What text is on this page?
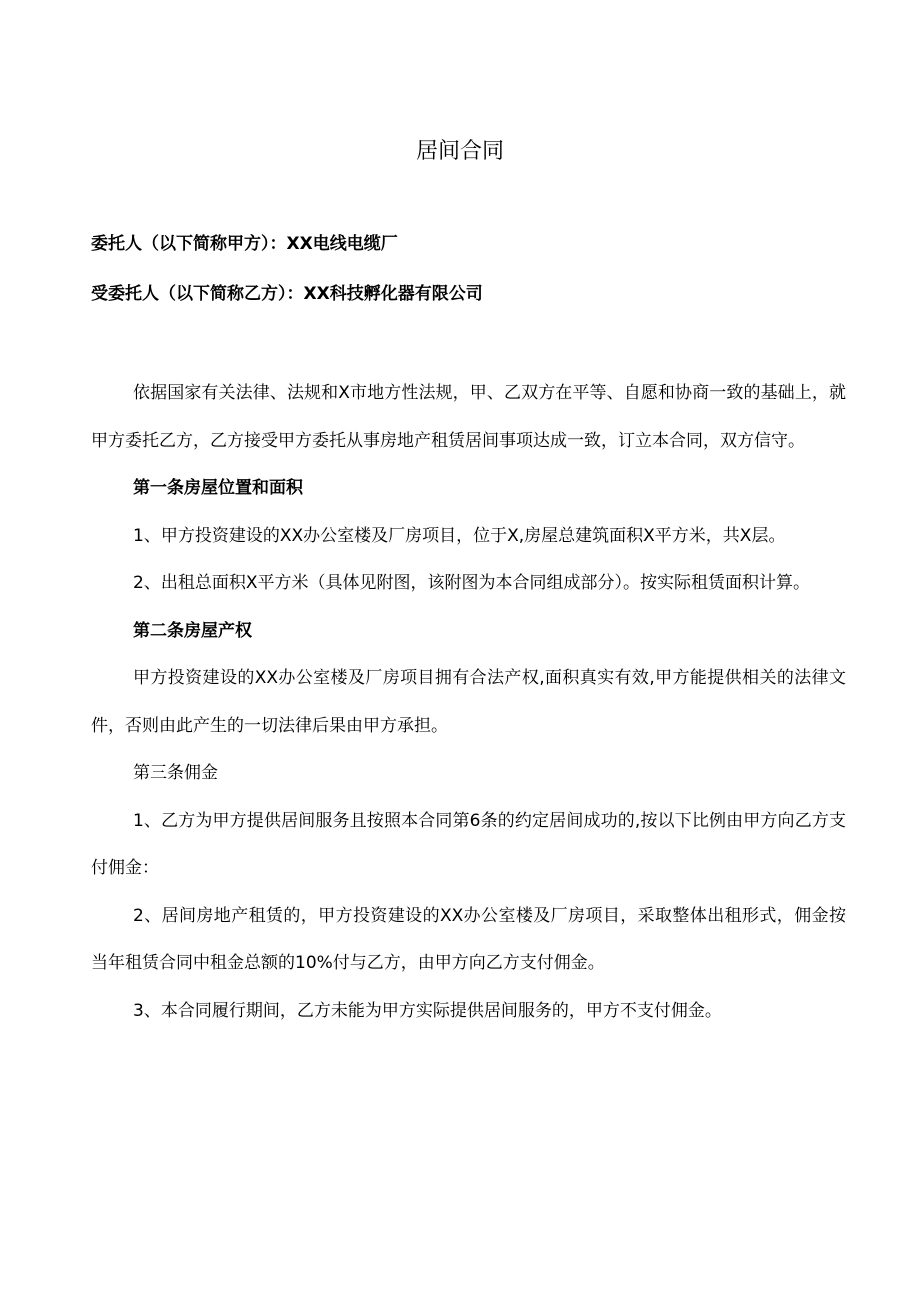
居间合同
委托人（以下简称甲方）：XX电线电缆厂
受委托人（以下简称乙方）：XX科技孵化器有限公司

依据国家有关法律、法规和X市地方性法规，甲、乙双方在平等、自愿和协商一致的基础上，就甲方委托乙方，乙方接受甲方委托从事房地产租赁居间事项达成一致，订立本合同，双方信守。

第一条房屋位置和面积

1、甲方投资建设的XX办公室楼及厂房项目，位于X,房屋总建筑面积X平方米，共X层。

2、出租总面积X平方米（具体见附图，该附图为本合同组成部分）。按实际租赁面积计算。

第二条房屋产权

甲方投资建设的XX办公室楼及厂房项目拥有合法产权,面积真实有效,甲方能提供相关的法律文件，否则由此产生的一切法律后果由甲方承担。

第三条佣金

1、乙方为甲方提供居间服务且按照本合同第6条的约定居间成功的,按以下比例由甲方向乙方支付佣金：

2、居间房地产租赁的，甲方投资建设的XX办公室楼及厂房项目，采取整体出租形式，佣金按当年租赁合同中租金总额的10%付与乙方，由甲方向乙方支付佣金。

3、本合同履行期间，乙方未能为甲方实际提供居间服务的，甲方不支付佣金。
